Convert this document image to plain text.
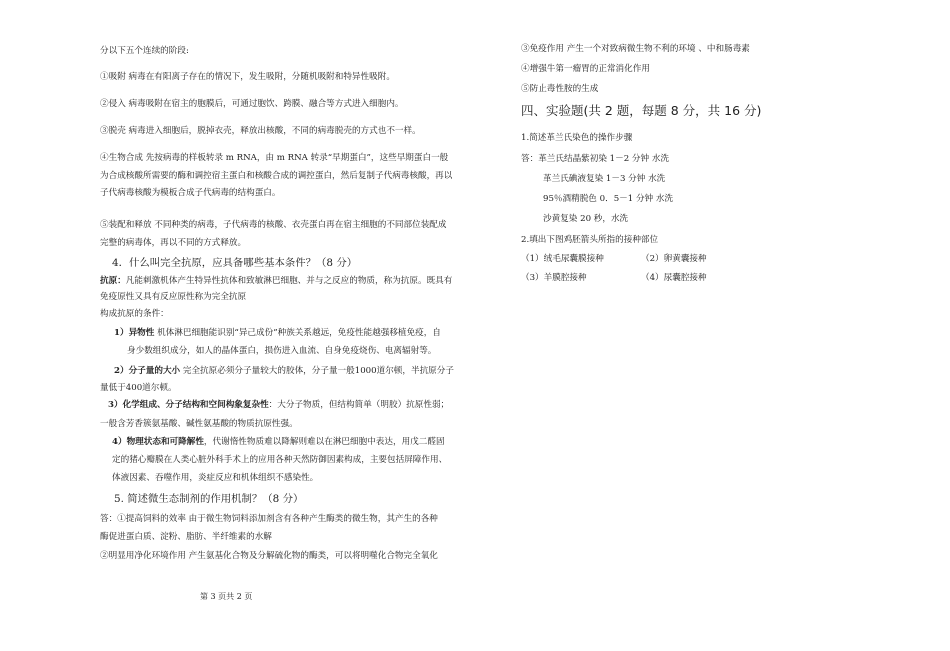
分以下五个连续的阶段:
①吸附 病毒在有阳离子存在的情况下，发生吸附，分随机吸附和特异性吸附。
②侵入 病毒吸附在宿主的胞膜后，可通过胞饮、跨膜、融合等方式进入细胞内。
③脱壳 病毒进入细胞后，脱掉衣壳，释放出核酸，不同的病毒脱壳的方式也不一样。
④生物合成 先按病毒的样板转录 m RNA，由 m RNA 转录“早期蛋白”，这些早期蛋白一般
为合成核酸所需要的酶和调控宿主蛋白和核酸合成的调控蛋白，然后复制子代病毒核酸，再以
子代病毒核酸为模板合成子代病毒的结构蛋白。
⑤装配和释放 不同种类的病毒，子代病毒的核酸、衣壳蛋白再在宿主细胞的不同部位装配成
完整的病毒体，再以不同的方式释放。
4．什么叫完全抗原，应具备哪些基本条件？（8 分）
抗原：凡能刺激机体产生特异性抗体和致敏淋巴细胞、并与之反应的物质，称为抗原。既具有
免疫原性又具有反应原性称为完全抗原
构成抗原的条件：
1）异物性 机体淋巴细胞能识别“异己成份”种族关系越远，免疫性能越强移植免疫，自
身少数组织成分，如人的晶体蛋白，损伤进入血流、自身免疫烧伤、电离辐射等。
2）分子量的大小 完全抗原必须分子量较大的胶体，分子量一般1000道尔顿，半抗原分子
量低于400道尔顿。
3）化学组成、分子结构和空间构象复杂性：大分子物质，但结构简单（明胶）抗原性弱；
一般含芳香簇氨基酸、碱性氨基酸的物质抗原性强。
4）物理状态和可降解性，代谢惰性物质难以降解则难以在淋巴细胞中表达，用戊二醛固
定的猪心瓣膜在人类心脏外科手术上的应用各种天然防御因素构成，主要包括屏障作用、
体液因素、吞噬作用，炎症反应和机体组织不感染性。
5. 简述微生态制剂的作用机制？（8 分）
答：①提高饲料的效率 由于微生物饲料添加剂含有各种产生酶类的微生物，其产生的各种
酶促进蛋白质、淀粉、脂肪、半纤维素的水解
②明显用净化环境作用 产生氨基化合物及分解硫化物的酶类，可以将明噬化合物完全氧化
③免疫作用 产生一个对致病微生物不利的环境 、中和肠毒素
④增强牛第一瘤胃的正常消化作用
⑤防止毒性胺的生成
四、实验题(共 2 题，每题 8 分，共 16 分)
1.简述革兰氏染色的操作步骤
答：革兰氏结晶紫初染 1－2 分钟 水洗
革兰氏碘液复染 1－3 分钟 水洗
95％酒精脱色 0．5－1 分钟 水洗
沙黄复染 20 秒，水洗
2.填出下图鸡胚箭头所指的接种部位
（1）绒毛尿囊膜接种	（2）卵黄囊接种
（3）羊膜腔接种	（4）尿囊腔接种
第 3 页共 2 页
